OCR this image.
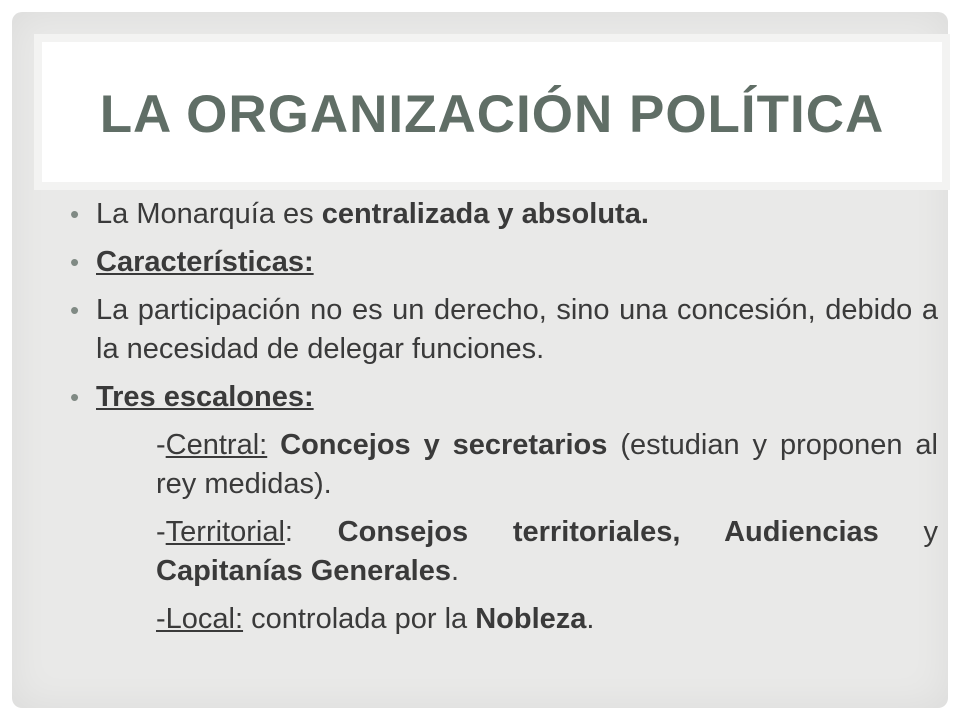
LA ORGANIZACIÓN POLÍTICA
• La Monarquía es centralizada y absoluta.
• Características:
• La participación no es un derecho, sino una concesión, debido a la necesidad de delegar funciones.
• Tres escalones:
-Central: Concejos y secretarios (estudian y proponen al rey medidas).
-Territorial: Consejos territoriales, Audiencias y Capitanías Generales.
-Local: controlada por la Nobleza.
